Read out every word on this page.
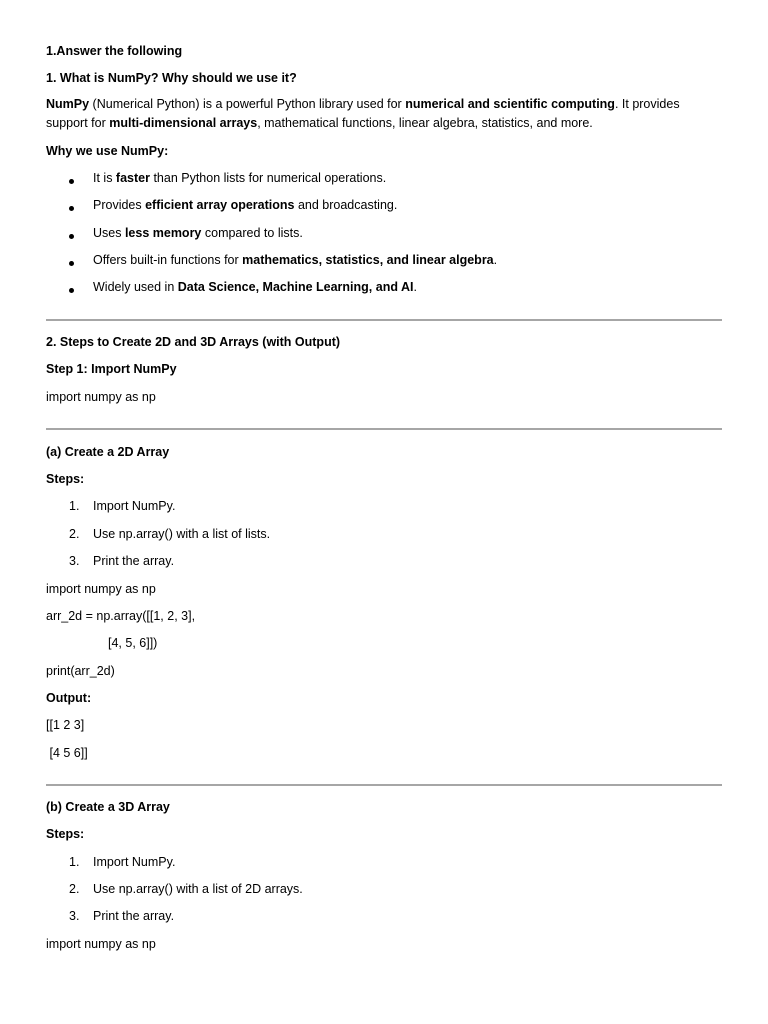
1.Answer the following
1. What is NumPy? Why should we use it?
NumPy (Numerical Python) is a powerful Python library used for numerical and scientific computing. It provides support for multi-dimensional arrays, mathematical functions, linear algebra, statistics, and more.
Why we use NumPy:
It is faster than Python lists for numerical operations.
Provides efficient array operations and broadcasting.
Uses less memory compared to lists.
Offers built-in functions for mathematics, statistics, and linear algebra.
Widely used in Data Science, Machine Learning, and AI.
2. Steps to Create 2D and 3D Arrays (with Output)
Step 1: Import NumPy
import numpy as np
(a) Create a 2D Array
Steps:
1. Import NumPy.
2. Use np.array() with a list of lists.
3. Print the array.
import numpy as np
arr_2d = np.array([[1, 2, 3],
[4, 5, 6]])
print(arr_2d)
Output:
[[1 2 3]
[4 5 6]]
(b) Create a 3D Array
Steps:
1. Import NumPy.
2. Use np.array() with a list of 2D arrays.
3. Print the array.
import numpy as np
